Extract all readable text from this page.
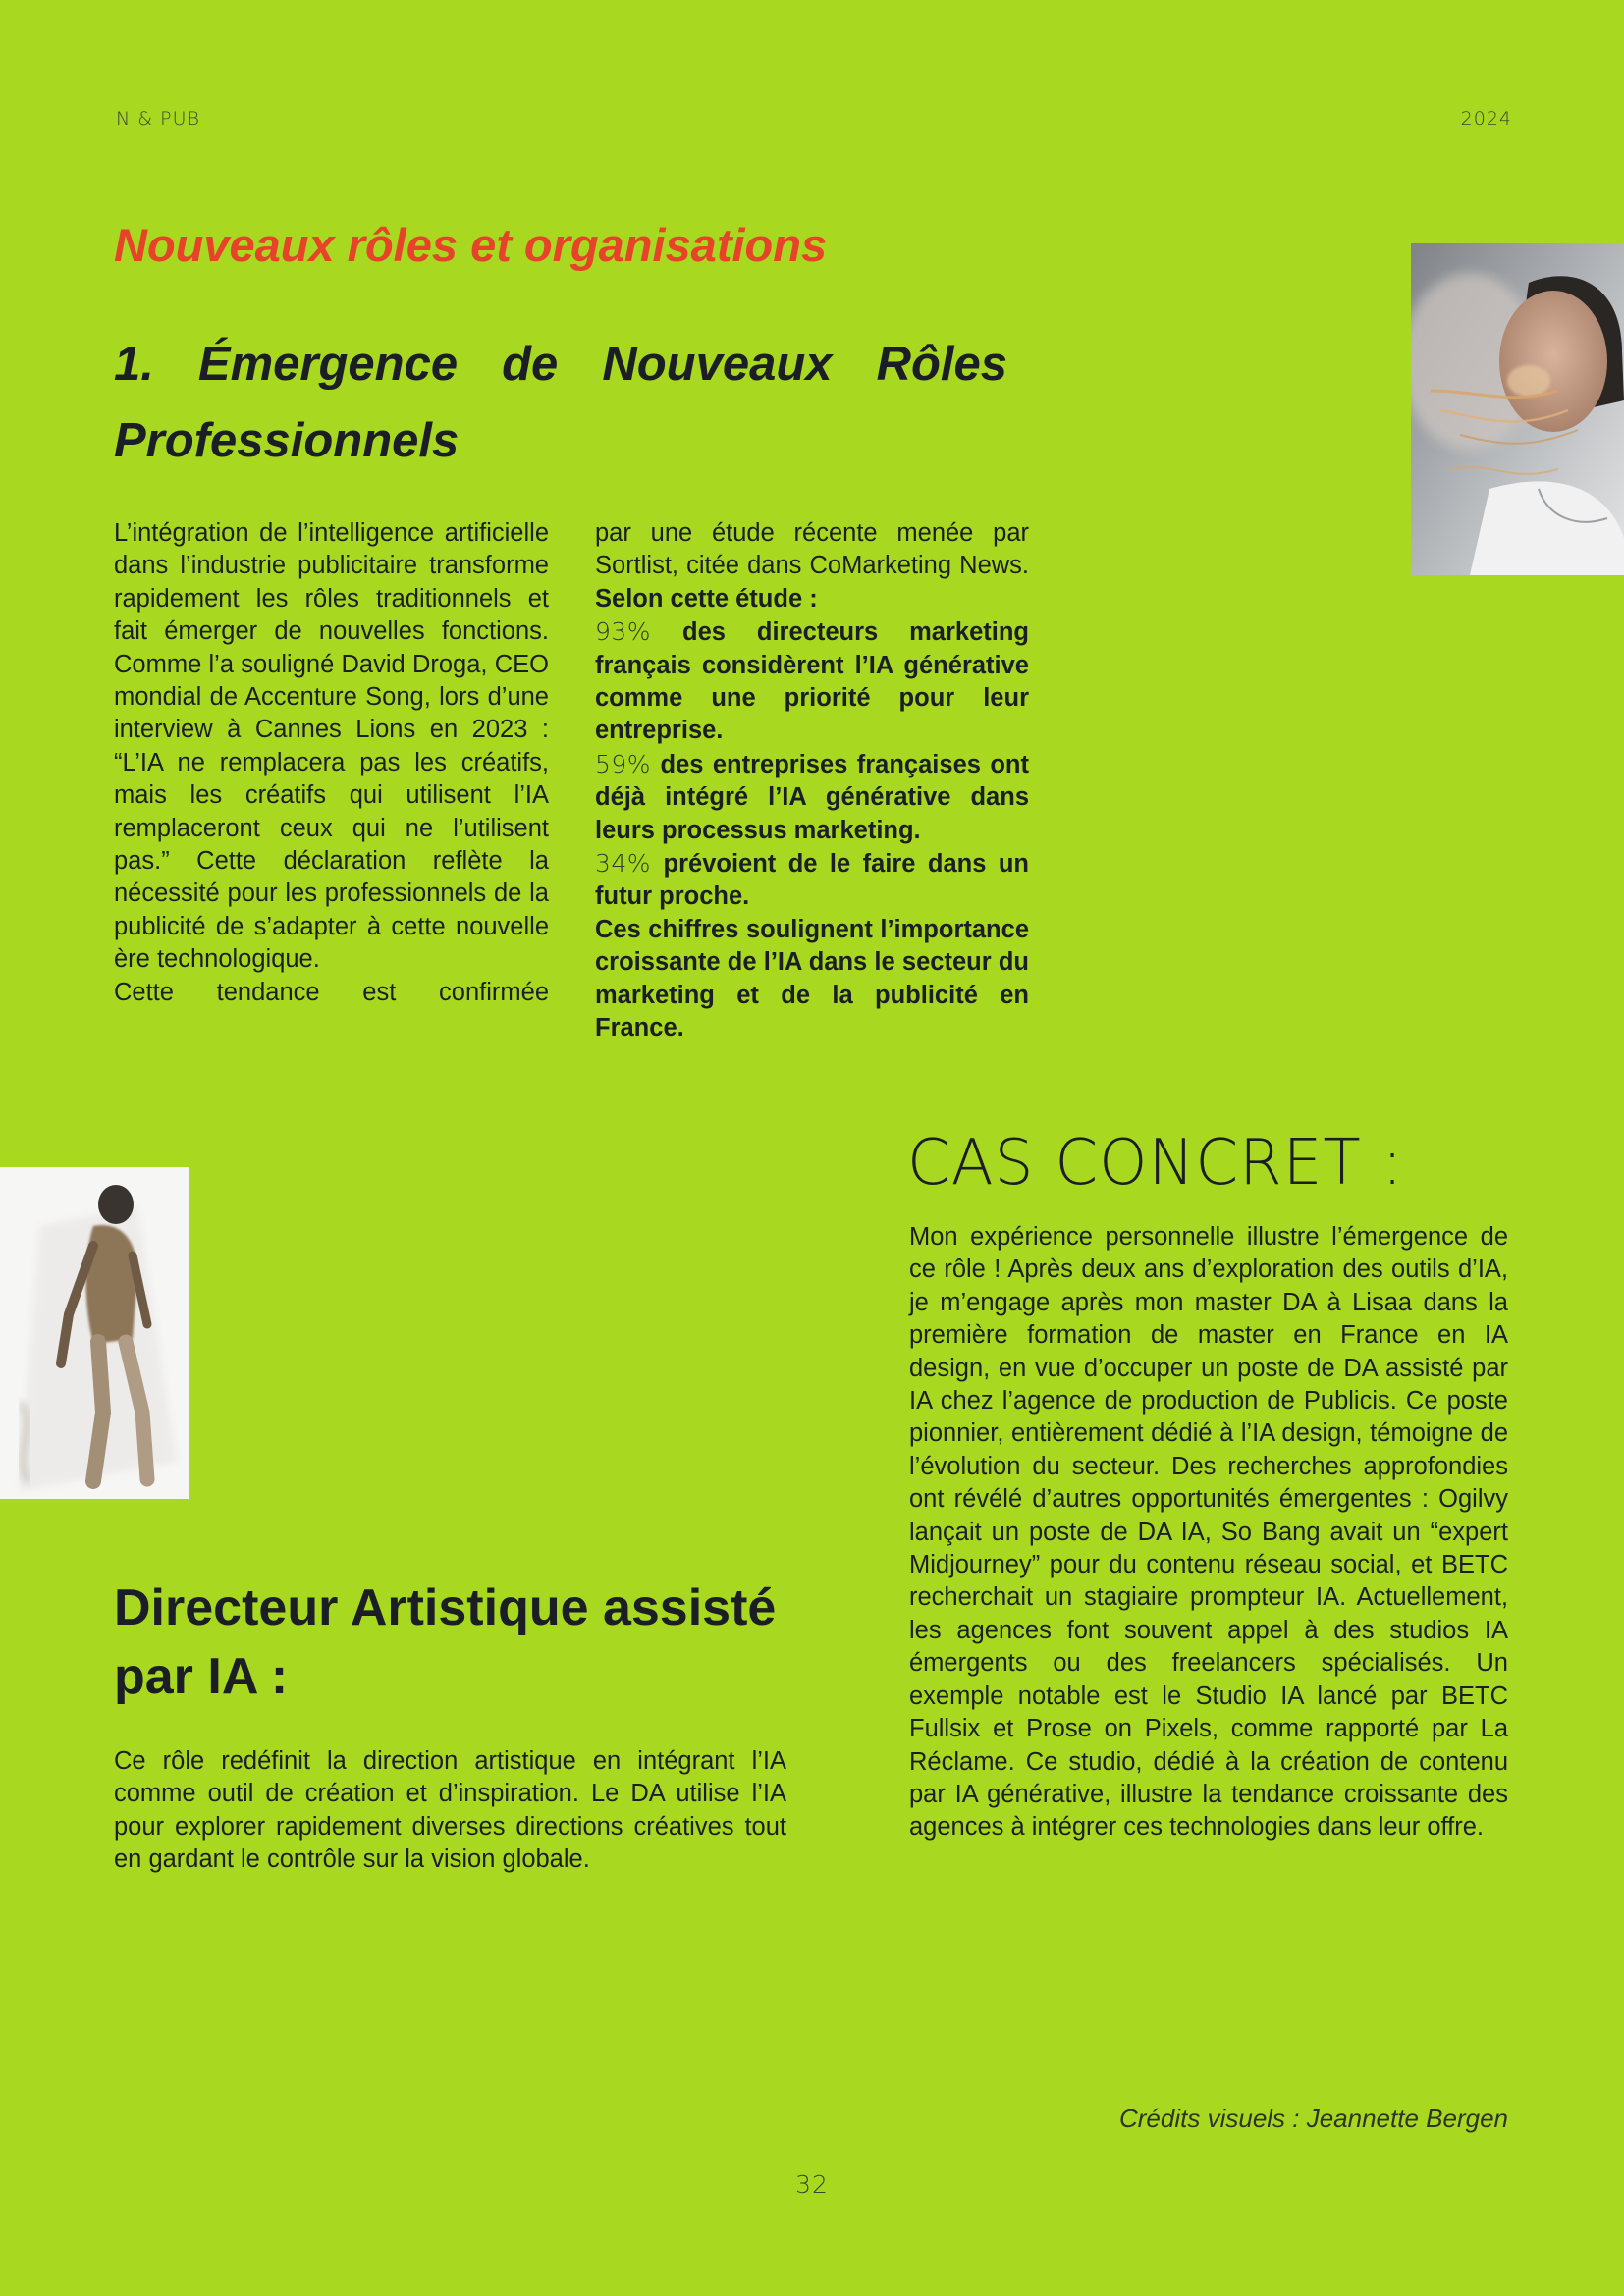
N & PUB	2024
Nouveaux rôles et organisations
1. Émergence de Nouveaux Rôles Professionnels

L’intégration de l’intelligence artificielle dans l’industrie publicitaire transforme rapidement les rôles traditionnels et fait émerger de nouvelles fonctions. Comme l’a souligné David Droga, CEO mondial de Accenture Song, lors d’une interview à Cannes Lions en 2023 : “L’IA ne remplacera pas les créatifs, mais les créatifs qui utilisent l’IA remplaceront ceux qui ne l’utilisent pas.” Cette déclaration reflète la nécessité pour les professionnels de la publicité de s’adapter à cette nouvelle ère technologique.

Cette tendance est confirmée

par une étude récente menée par Sortlist, citée dans CoMarketing News. Selon cette étude :

93% des directeurs marketing français considèrent l’IA générative comme une priorité pour leur entreprise.

59% des entreprises françaises ont déjà intégré l’IA générative dans leurs processus marketing.

34% prévoient de le faire dans un futur proche.

Ces chiffres soulignent l’importance croissante de l’IA dans le secteur du marketing et de la publicité en France.

CAS CONCRET :
Mon expérience personnelle illustre l’émergence de ce rôle ! Après deux ans d’exploration des outils d’IA, je m’engage après mon master DA à Lisaa dans la première formation de master en France en IA design, en vue d’occuper un poste de DA assisté par IA chez l’agence de production de Publicis. Ce poste pionnier, entièrement dédié à l’IA design, témoigne de l’évolution du secteur. Des recherches approfondies ont révélé d’autres opportunités émergentes : Ogilvy lançait un poste de DA IA, So Bang avait un “expert Midjourney” pour du contenu réseau social, et BETC recherchait un stagiaire prompteur IA. Actuellement, les agences font souvent appel à des studios IA émergents ou des freelancers spécialisés. Un exemple notable est le Studio IA lancé par BETC Fullsix et Prose on Pixels, comme rapporté par La Réclame. Ce studio, dédié à la création de contenu par IA générative, illustre la tendance croissante des agences à intégrer ces technologies dans leur offre.
Directeur Artistique assisté par IA :
Ce rôle redéfinit la direction artistique en intégrant l’IA comme outil de création et d’inspiration. Le DA utilise l’IA pour explorer rapidement diverses directions créatives tout en gardant le contrôle sur la vision globale.
Crédits visuels : Jeannette Bergen
32
